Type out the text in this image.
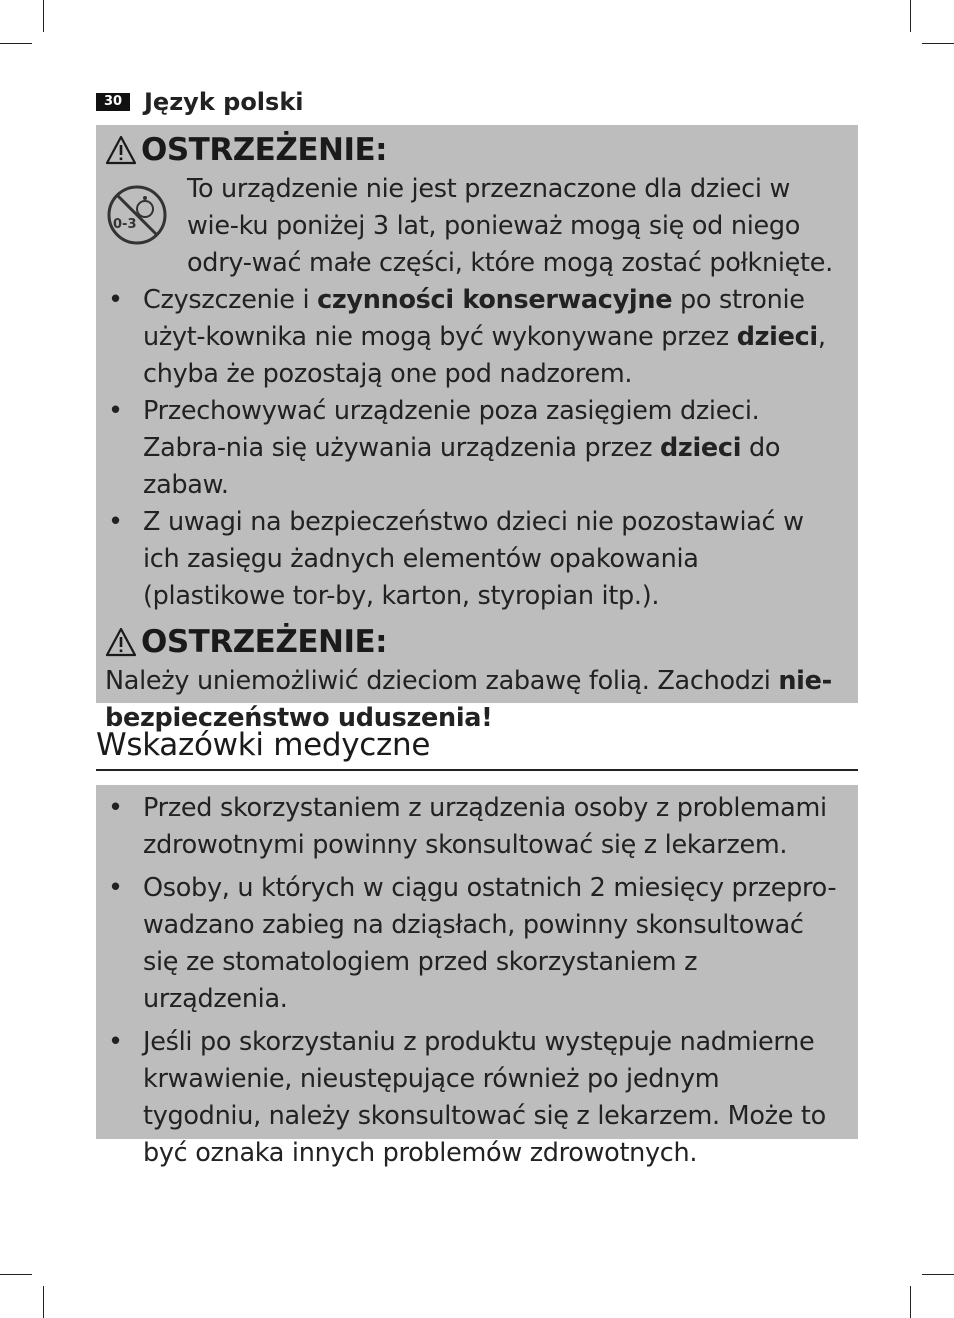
30 Język polski
OSTRZEŻENIE:
0-3
To urządzenie nie jest przeznaczone dla dzieci w wie-ku poniżej 3 lat, ponieważ mogą się od niego odry-wać małe części, które mogą zostać połknięte.
• Czyszczenie i czynności konserwacyjne po stronie użyt-kownika nie mogą być wykonywane przez dzieci, chyba że pozostają one pod nadzorem.
• Przechowywać urządzenie poza zasięgiem dzieci. Zabra-nia się używania urządzenia przez dzieci do zabaw.
• Z uwagi na bezpieczeństwo dzieci nie pozostawiać w ich zasięgu żadnych elementów opakowania (plastikowe tor-by, karton, styropian itp.).
OSTRZEŻENIE:
Należy uniemożliwić dzieciom zabawę folią. Zachodzi nie-bezpieczeństwo uduszenia!
Wskazówki medyczne
• Przed skorzystaniem z urządzenia osoby z problemami zdrowotnymi powinny skonsultować się z lekarzem.
• Osoby, u których w ciągu ostatnich 2 miesięcy przepro-wadzano zabieg na dziąsłach, powinny skonsultować się ze stomatologiem przed skorzystaniem z urządzenia.
• Jeśli po skorzystaniu z produktu występuje nadmierne krwawienie, nieustępujące również po jednym tygodniu, należy skonsultować się z lekarzem. Może to być oznaka innych problemów zdrowotnych.
